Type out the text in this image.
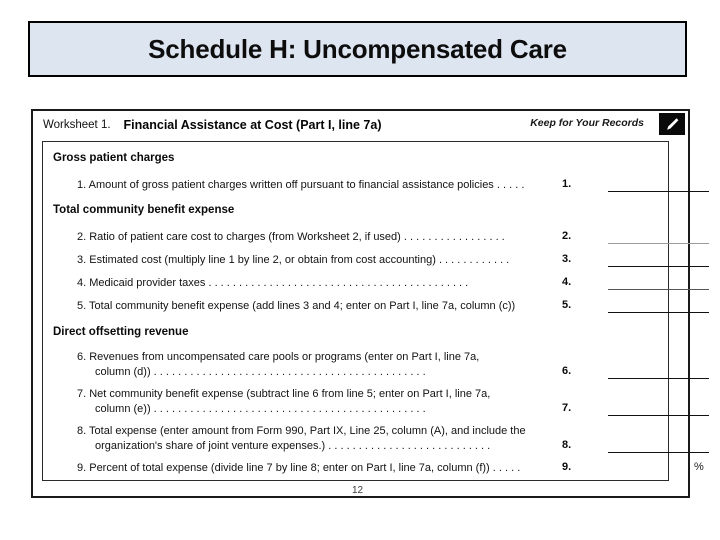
Schedule H: Uncompensated Care
Worksheet 1. Financial Assistance at Cost (Part I, line 7a)	Keep for Your Records
Gross patient charges
1. Amount of gross patient charges written off pursuant to financial assistance policies . . . . .	1.
Total community benefit expense
2. Ratio of patient care cost to charges (from Worksheet 2, if used) . . . . . . . . . . . . . . . . .	2.
3. Estimated cost (multiply line 1 by line 2, or obtain from cost accounting) . . . . . . . . . . . .	3.
4. Medicaid provider taxes . . . . . . . . . . . . . . . . . . . . . . . . . . . . . . . . . . . . . . . . . . .	4.
5. Total community benefit expense (add lines 3 and 4; enter on Part I, line 7a, column (c))	5.
Direct offsetting revenue
6. Revenues from uncompensated care pools or programs (enter on Part I, line 7a,
column (d)) . . . . . . . . . . . . . . . . . . . . . . . . . . . . . . . . . . . . . . . . . . . . .	6.
7. Net community benefit expense (subtract line 6 from line 5; enter on Part I, line 7a,
column (e)) . . . . . . . . . . . . . . . . . . . . . . . . . . . . . . . . . . . . . . . . . . . . .	7.
8. Total expense (enter amount from Form 990, Part IX, Line 25, column (A), and include the
organization's share of joint venture expenses.) . . . . . . . . . . . . . . . . . . . . . . . . . . .	8.
9. Percent of total expense (divide line 7 by line 8; enter on Part I, line 7a, column (f)) . . . . .	9.	%
12
